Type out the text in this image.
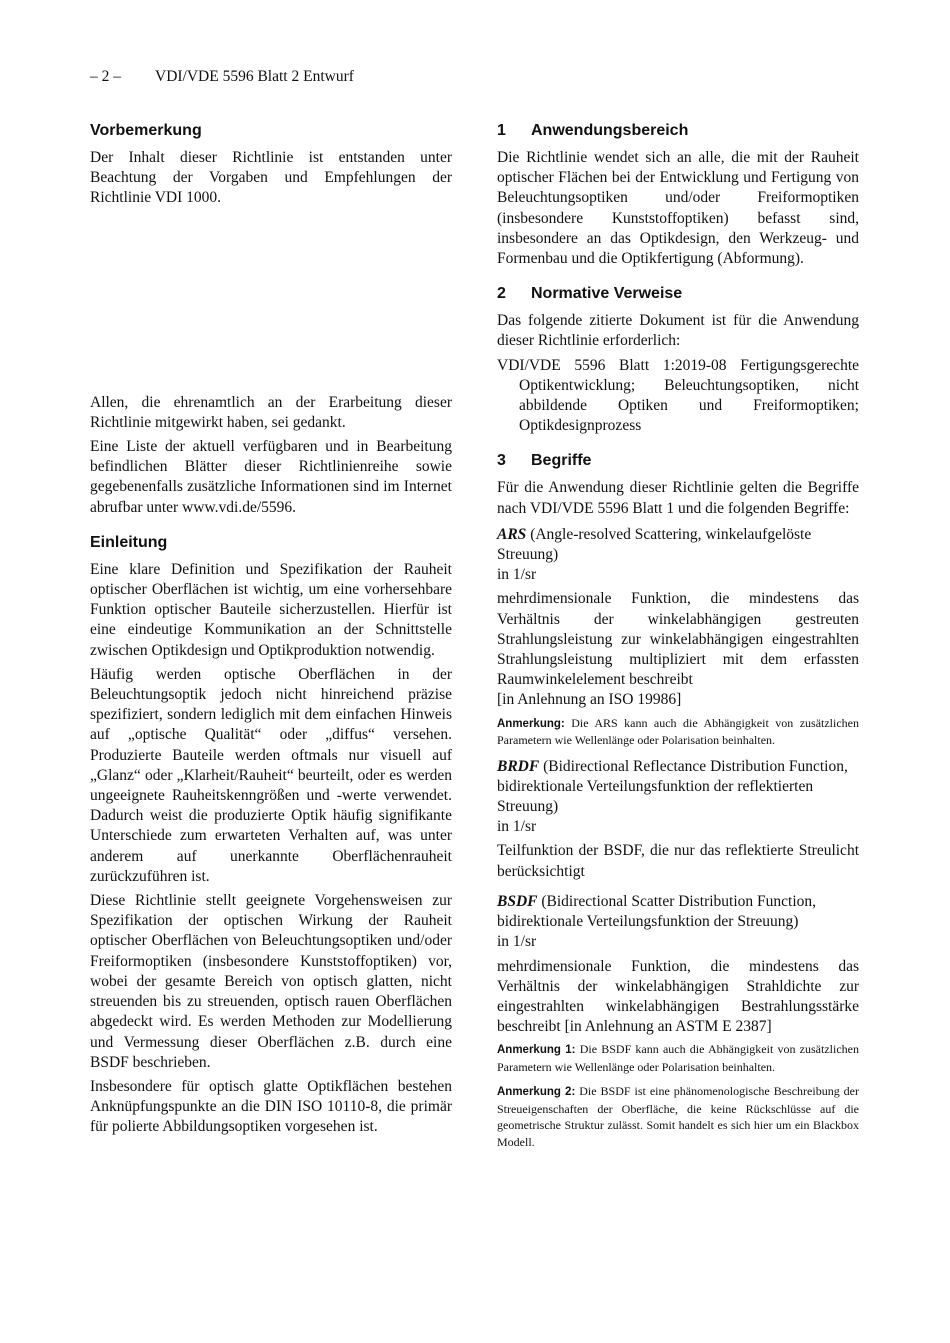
– 2 – VDI/VDE 5596 Blatt 2 Entwurf
Vorbemerkung

Der Inhalt dieser Richtlinie ist entstanden unter Beachtung der Vorgaben und Empfehlungen der Richtlinie VDI 1000.

Allen, die ehrenamtlich an der Erarbeitung dieser Richtlinie mitgewirkt haben, sei gedankt.

Eine Liste der aktuell verfügbaren und in Bearbeitung befindlichen Blätter dieser Richtlinienreihe sowie gegebenenfalls zusätzliche Informationen sind im Internet abrufbar unter www.vdi.de/5596.

Einleitung

Eine klare Definition und Spezifikation der Rauheit optischer Oberflächen ist wichtig, um eine vorhersehbare Funktion optischer Bauteile sicherzustellen. Hierfür ist eine eindeutige Kommunikation an der Schnittstelle zwischen Optikdesign und Optikproduktion notwendig.

Häufig werden optische Oberflächen in der Beleuchtungsoptik jedoch nicht hinreichend präzise spezifiziert, sondern lediglich mit dem einfachen Hinweis auf „optische Qualität“ oder „diffus“ versehen. Produzierte Bauteile werden oftmals nur visuell auf „Glanz“ oder „Klarheit/Rauheit“ beurteilt, oder es werden ungeeignete Rauheitskenngrößen und -werte verwendet. Dadurch weist die produzierte Optik häufig signifikante Unterschiede zum erwarteten Verhalten auf, was unter anderem auf unerkannte Oberflächenrauheit zurückzuführen ist.

Diese Richtlinie stellt geeignete Vorgehensweisen zur Spezifikation der optischen Wirkung der Rauheit optischer Oberflächen von Beleuchtungsoptiken und/oder Freiformoptiken (insbesondere Kunststoffoptiken) vor, wobei der gesamte Bereich von optisch glatten, nicht streuenden bis zu streuenden, optisch rauen Oberflächen abgedeckt wird. Es werden Methoden zur Modellierung und Vermessung dieser Oberflächen z.B. durch eine BSDF beschrieben.

Insbesondere für optisch glatte Optikflächen bestehen Anknüpfungspunkte an die DIN ISO 10110-8, die primär für polierte Abbildungsoptiken vorgesehen ist.

1 Anwendungsbereich

Die Richtlinie wendet sich an alle, die mit der Rauheit optischer Flächen bei der Entwicklung und Fertigung von Beleuchtungsoptiken und/oder Freiformoptiken (insbesondere Kunststoffoptiken) befasst sind, insbesondere an das Optikdesign, den Werkzeug- und Formenbau und die Optikfertigung (Abformung).

2 Normative Verweise

Das folgende zitierte Dokument ist für die Anwendung dieser Richtlinie erforderlich:

VDI/VDE 5596 Blatt 1:2019-08 Fertigungsgerechte Optikentwicklung; Beleuchtungsoptiken, nicht abbildende Optiken und Freiformoptiken; Optikdesignprozess

3 Begriffe

Für die Anwendung dieser Richtlinie gelten die Begriffe nach VDI/VDE 5596 Blatt 1 und die folgenden Begriffe:

ARS (Angle-resolved Scattering, winkelaufgelöste Streuung)
in 1/sr

mehrdimensionale Funktion, die mindestens das Verhältnis der winkelabhängigen gestreuten Strahlungsleistung zur winkelabhängigen eingestrahlten Strahlungsleistung multipliziert mit dem erfassten Raumwinkelelement beschreibt

[in Anlehnung an ISO 19986]
Anmerkung: Die ARS kann auch die Abhängigkeit von zusätzlichen Parametern wie Wellenlänge oder Polarisation beinhalten.
BRDF (Bidirectional Reflectance Distribution Function, bidirektionale Verteilungsfunktion der reflektierten Streuung)
in 1/sr

Teilfunktion der BSDF, die nur das reflektierte Streulicht berücksichtigt

BSDF (Bidirectional Scatter Distribution Function, bidirektionale Verteilungsfunktion der Streuung)
in 1/sr

mehrdimensionale Funktion, die mindestens das Verhältnis der winkelabhängigen Strahldichte zur eingestrahlten winkelabhängigen Bestrahlungsstärke beschreibt [in Anlehnung an ASTM E 2387]

Anmerkung 1: Die BSDF kann auch die Abhängigkeit von zusätzlichen Parametern wie Wellenlänge oder Polarisation beinhalten.
Anmerkung 2: Die BSDF ist eine phänomenologische Beschreibung der Streueigenschaften der Oberfläche, die keine Rückschlüsse auf die geometrische Struktur zulässt. Somit handelt es sich hier um ein Blackbox Modell.
